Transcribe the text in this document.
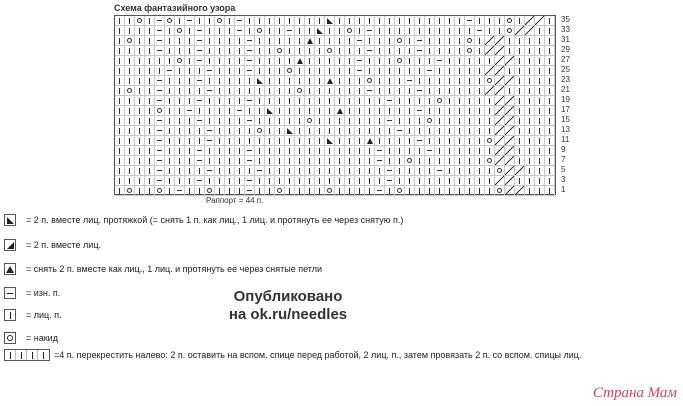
Схема фантазийного узора
35
33
31
29
27
25
23
21
19
17
15
13
11
9
7
5
3
1
Раппорт = 44 п.
= 2 п. вместе лиц. протяжкой (= снять 1 п. как лиц., 1 лиц. и протянуть ее через снятую п.)
= 2 п. вместе лиц.
= снять 2 п. вместе как лиц., 1 лиц. и протянуть ее через снятые петли
= изн. п.
= лиц. п.
= накид
=4 п. перекрестить налево: 2 п. оставить на вспом. спице перед работой, 2 лиц. п., затем провязать 2 п. со вспом. спицы лиц.
Опубликовано на ok.ru/needles
Страна Мам
